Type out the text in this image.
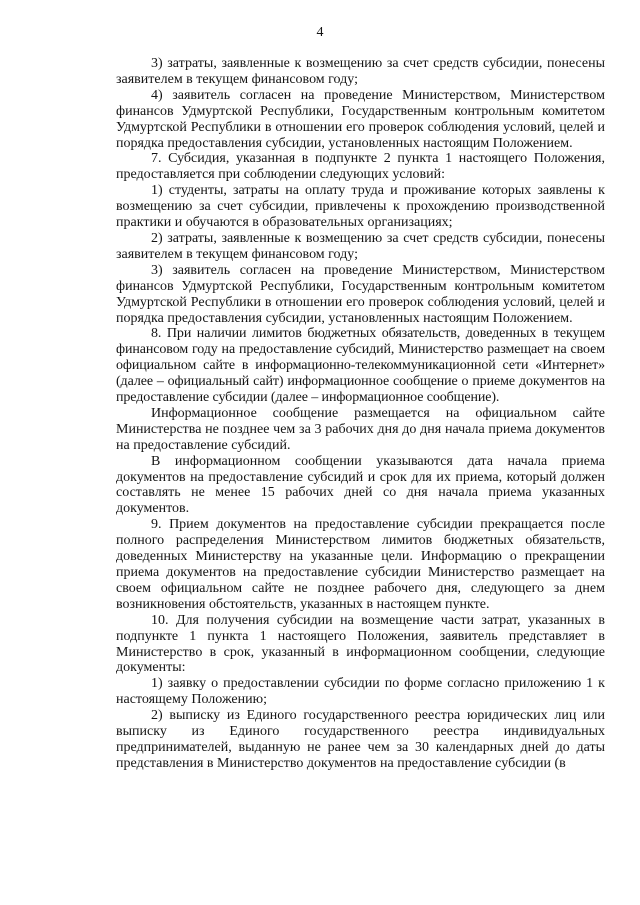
4

3) затраты, заявленные к возмещению за счет средств субсидии, понесены заявителем в текущем финансовом году;

4) заявитель согласен на проведение Министерством, Министерством финансов Удмуртской Республики, Государственным контрольным комитетом Удмуртской Республики в отношении его проверок соблюдения условий, целей и порядка предоставления субсидии, установленных настоящим Положением.

7. Субсидия, указанная в подпункте 2 пункта 1 настоящего Положения, предоставляется при соблюдении следующих условий:

1) студенты, затраты на оплату труда и проживание которых заявлены к возмещению за счет субсидии, привлечены к прохождению производственной практики и обучаются в образовательных организациях;

2) затраты, заявленные к возмещению за счет средств субсидии, понесены заявителем в текущем финансовом году;

3) заявитель согласен на проведение Министерством, Министерством финансов Удмуртской Республики, Государственным контрольным комитетом Удмуртской Республики в отношении его проверок соблюдения условий, целей и порядка предоставления субсидии, установленных настоящим Положением.

8. При наличии лимитов бюджетных обязательств, доведенных в текущем финансовом году на предоставление субсидий, Министерство размещает на своем официальном сайте в информационно-телекоммуникационной сети «Интернет» (далее – официальный сайт) информационное сообщение о приеме документов на предоставление субсидии (далее – информационное сообщение).

Информационное сообщение размещается на официальном сайте Министерства не позднее чем за 3 рабочих дня до дня начала приема документов на предоставление субсидий.

В информационном сообщении указываются дата начала приема документов на предоставление субсидий и срок для их приема, который должен составлять не менее 15 рабочих дней со дня начала приема указанных документов.

9. Прием документов на предоставление субсидии прекращается после полного распределения Министерством лимитов бюджетных обязательств, доведенных Министерству на указанные цели. Информацию о прекращении приема документов на предоставление субсидии Министерство размещает на своем официальном сайте не позднее рабочего дня, следующего за днем возникновения обстоятельств, указанных в настоящем пункте.

10. Для получения субсидии на возмещение части затрат, указанных в подпункте 1 пункта 1 настоящего Положения, заявитель представляет в Министерство в срок, указанный в информационном сообщении, следующие документы:

1) заявку о предоставлении субсидии по форме согласно приложению 1 к настоящему Положению;

2) выписку из Единого государственного реестра юридических лиц или выписку из Единого государственного реестра индивидуальных предпринимателей, выданную не ранее чем за 30 календарных дней до даты представления в Министерство документов на предоставление субсидии (в
